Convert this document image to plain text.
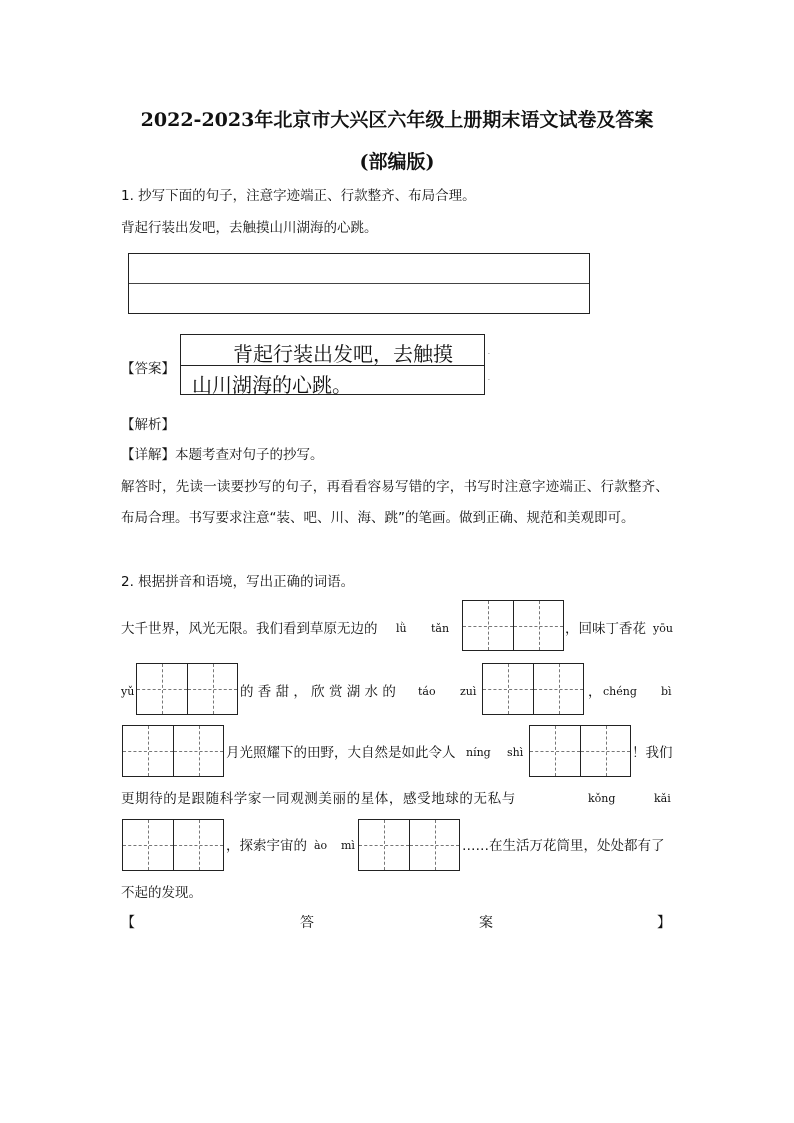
2022-2023年北京市大兴区六年级上册期末语文试卷及答案
(部编版)
1. 抄写下面的句子，注意字迹端正、行款整齐、布局合理。
背起行装出发吧，去触摸山川湖海的心跳。
【答案】
背起行装出发吧，去触摸
山川湖海的心跳。
·
·
【解析】
【详解】本题考查对句子的抄写。
解答时，先读一读要抄写的句子，再看看容易写错的字，书写时注意字迹端正、行款整齐、
布局合理。书写要求注意“装、吧、川、海、跳”的笔画。做到正确、规范和美观即可。
2. 根据拼音和语境，写出正确的词语。
大千世界，风光无限。我们看到草原无边的 lǜ tǎn	，回味丁香花 yōu
yǔ	的 香 甜 ， 欣 赏 湖 水 的 táo zuì	， chéng bì
月光照耀下的田野，大自然是如此令人 níng shì	！我们
更期待的是跟随科学家一同观测美丽的星体，感受地球的无私与	kǒng	kǎi
，探索宇宙的 ào mì	……在生活万花筒里，处处都有了
不起的发现。
【	答	案	】
